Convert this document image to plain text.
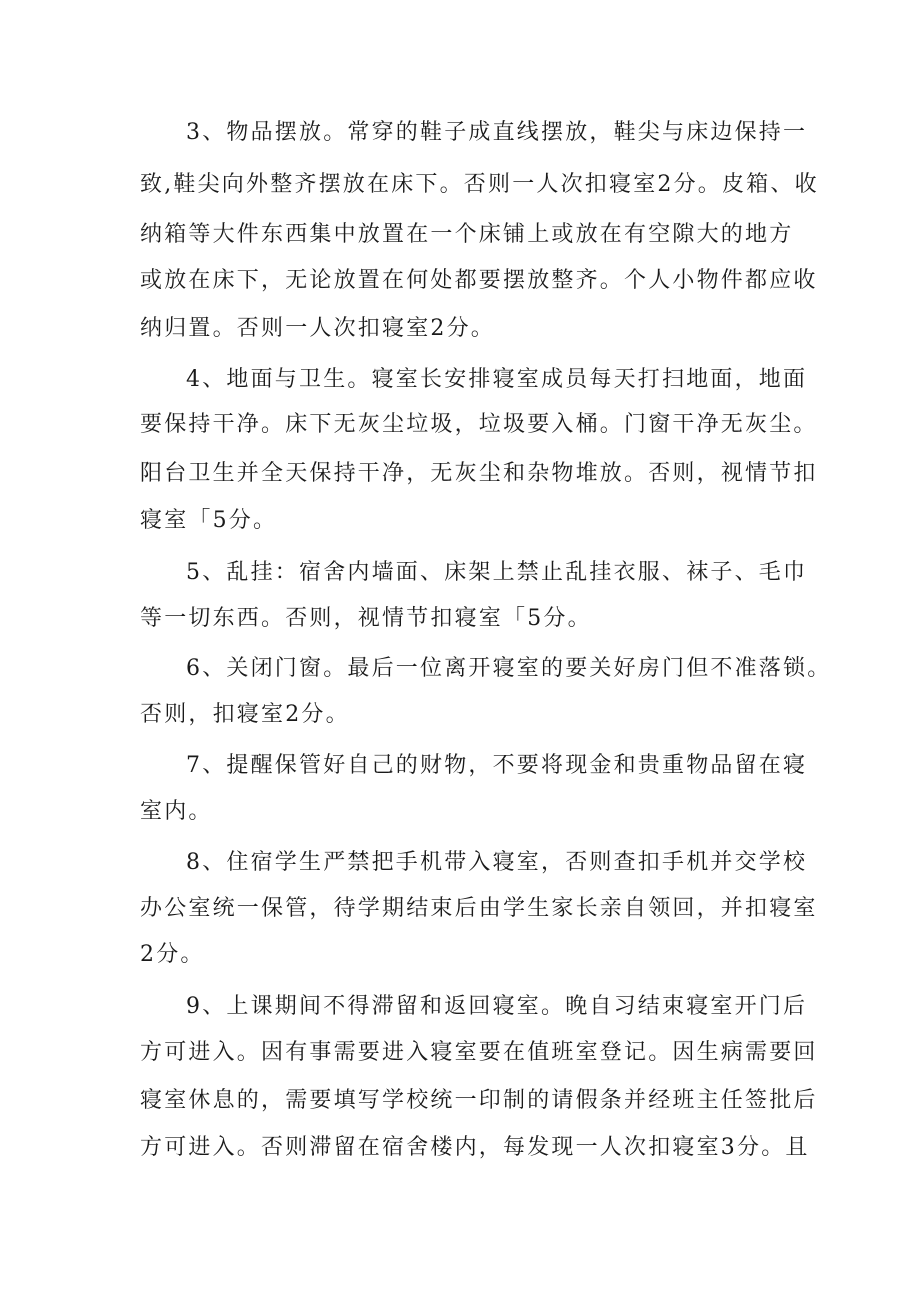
3、物品摆放。常穿的鞋子成直线摆放，鞋尖与床边保持一
致,鞋尖向外整齐摆放在床下。否则一人次扣寝室2分。皮箱、收
纳箱等大件东西集中放置在一个床铺上或放在有空隙大的地方
或放在床下，无论放置在何处都要摆放整齐。个人小物件都应收
纳归置。否则一人次扣寝室2分。
4、地面与卫生。寝室长安排寝室成员每天打扫地面，地面
要保持干净。床下无灰尘垃圾，垃圾要入桶。门窗干净无灰尘。
阳台卫生并全天保持干净，无灰尘和杂物堆放。否则，视情节扣
寝室「5分。
5、乱挂：宿舍内墙面、床架上禁止乱挂衣服、袜子、毛巾
等一切东西。否则，视情节扣寝室「5分。
6、关闭门窗。最后一位离开寝室的要关好房门但不准落锁。
否则，扣寝室2分。
7、提醒保管好自己的财物，不要将现金和贵重物品留在寝
室内。
8、住宿学生严禁把手机带入寝室，否则查扣手机并交学校
办公室统一保管，待学期结束后由学生家长亲自领回，并扣寝室
2分。
9、上课期间不得滞留和返回寝室。晚自习结束寝室开门后
方可进入。因有事需要进入寝室要在值班室登记。因生病需要回
寝室休息的，需要填写学校统一印制的请假条并经班主任签批后
方可进入。否则滞留在宿舍楼内，每发现一人次扣寝室3分。且
